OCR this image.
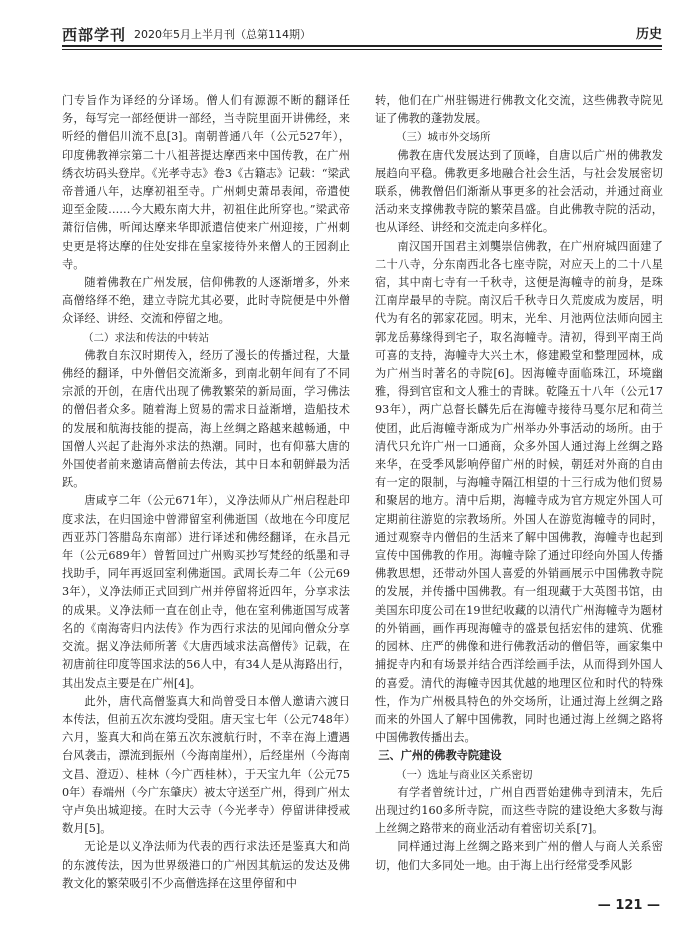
西部学刊 2020年5月上半月刊（总第114期）	历史

门专旨作为译经的分译场。僧人们有源源不断的翻译任务，每写完一部经便讲一部经，当寺院里面开讲佛经，来听经的僧侣川流不息[3]。南朝普通八年（公元527年），印度佛教禅宗第二十八祖菩提达摩西来中国传教，在广州绣衣坊码头登岸。《光孝寺志》卷3《古籍志》记载：“梁武帝普通八年，达摩初祖至寺。广州刺史萧昂表闻，帝遣使迎至金陵……今大殿东南大井，初祖住此所穿也。”梁武帝萧衍信佛，听闻达摩来华即派遣信使来广州迎接，广州刺史更是将达摩的住处安排在皇家接待外来僧人的王园刹止寺。

随着佛教在广州发展，信仰佛教的人逐渐增多，外来高僧络绎不绝，建立寺院尤其必要，此时寺院便是中外僧众译经、讲经、交流和停留之地。

（二）求法和传法的中转站

佛教自东汉时期传入，经历了漫长的传播过程，大量佛经的翻译，中外僧侣交流渐多，到南北朝年间有了不同宗派的开创，在唐代出现了佛教繁荣的新局面，学习佛法的僧侣者众多。随着海上贸易的需求日益渐增，造船技术的发展和航海技能的提高，海上丝绸之路越来越畅通，中国僧人兴起了赴海外求法的热潮。同时，也有仰慕大唐的外国使者前来邀请高僧前去传法，其中日本和朝鲜最为活跃。

唐咸亨二年（公元671年），义净法师从广州启程赴印度求法，在归国途中曾滞留室利佛逝国（故地在今印度尼西亚苏门答腊岛东南部）进行译述和佛经翻译，在永昌元年（公元689年）曾暂回过广州购买抄写梵经的纸墨和寻找助手，同年再返回室利佛逝国。武周长寿二年（公元693年），义净法师正式回到广州并停留将近四年，分享求法的成果。义净法师一直在创止寺，他在室利佛逝国写成著名的《南海寄归内法传》作为西行求法的见闻向僧众分享交流。据义净法师所著《大唐西域求法高僧传》记载，在初唐前往印度等国求法的56人中，有34人是从海路出行，其出发点主要是在广州[4]。

此外，唐代高僧鉴真大和尚曾受日本僧人邀请六渡日本传法，但前五次东渡均受阻。唐天宝七年（公元748年）六月，鉴真大和尚在第五次东渡航行时，不幸在海上遭遇台风袭击，漂流到振州（今海南崖州），后经崖州（今海南文昌、澄迈）、桂林（今广西桂林），于天宝九年（公元750年）春端州（今广东肇庆）被太守送至广州，得到广州太守卢奂出城迎接。在时大云寺（今光孝寺）停留讲律授戒数月[5]。

无论是以义净法师为代表的西行求法还是鉴真大和尚的东渡传法，因为世界级港口的广州因其航运的发达及佛教文化的繁荣吸引不少高僧选择在这里停留和中

转，他们在广州驻锡进行佛教文化交流，这些佛教寺院见证了佛教的蓬勃发展。

（三）城市外交场所

佛教在唐代发展达到了顶峰，自唐以后广州的佛教发展趋向平稳。佛教更多地融合社会生活，与社会发展密切联系，佛教僧侣们渐渐从事更多的社会活动，并通过商业活动来支撑佛教寺院的繁荣昌盛。自此佛教寺院的活动，也从译经、讲经和交流走向多样化。

南汉国开国君主刘龑崇信佛教，在广州府城四面建了二十八寺，分东南西北各七座寺院，对应天上的二十八星宿，其中南七寺有一千秋寺，这便是海幢寺的前身，是珠江南岸最早的寺院。南汉后千秋寺日久荒废成为废居，明代为有名的郭家花园。明末，光牟、月池两位法师向园主郭龙岳募缘得到宅子，取名海幢寺。清初，得到平南王尚可喜的支持，海幢寺大兴土木，修建殿堂和整理园林，成为广州当时著名的寺院[6]。因海幢寺面临珠江，环境幽雅，得到官宦和文人雅士的青睐。乾隆五十八年（公元1793年），两广总督长麟先后在海幢寺接待马戛尔尼和荷兰使团，此后海幢寺渐成为广州举办外事活动的场所。由于清代只允许广州一口通商，众多外国人通过海上丝绸之路来华，在受季风影响停留广州的时候，朝廷对外商的自由有一定的限制，与海幢寺隔江相望的十三行成为他们贸易和聚居的地方。清中后期，海幢寺成为官方规定外国人可定期前往游览的宗教场所。外国人在游览海幢寺的同时，通过观察寺内僧侣的生活来了解中国佛教，海幢寺也起到宣传中国佛教的作用。海幢寺除了通过印经向外国人传播佛教思想，还带动外国人喜爱的外销画展示中国佛教寺院的发展，并传播中国佛教。有一组现藏于大英图书馆，由美国东印度公司在19世纪收藏的以清代广州海幢寺为题材的外销画，画作再现海幢寺的盛景包括宏伟的建筑、优雅的园林、庄严的佛像和进行佛教活动的僧侣等，画家集中捕捉寺内和有场景并结合西洋绘画手法，从而得到外国人的喜爱。清代的海幢寺因其优越的地理区位和时代的特殊性，作为广州极具特色的外交场所，让通过海上丝绸之路而来的外国人了解中国佛教，同时也通过海上丝绸之路将中国佛教传播出去。

三、广州的佛教寺院建设
（一）选址与商业区关系密切

有学者曾统计过，广州自西晋始建佛寺到清末，先后出现过约160多所寺院，而这些寺院的建设绝大多数与海上丝绸之路带来的商业活动有着密切关系[7]。

同样通过海上丝绸之路来到广州的僧人与商人关系密切，他们大多同处一地。由于海上出行经常受季风影

— 121 —
